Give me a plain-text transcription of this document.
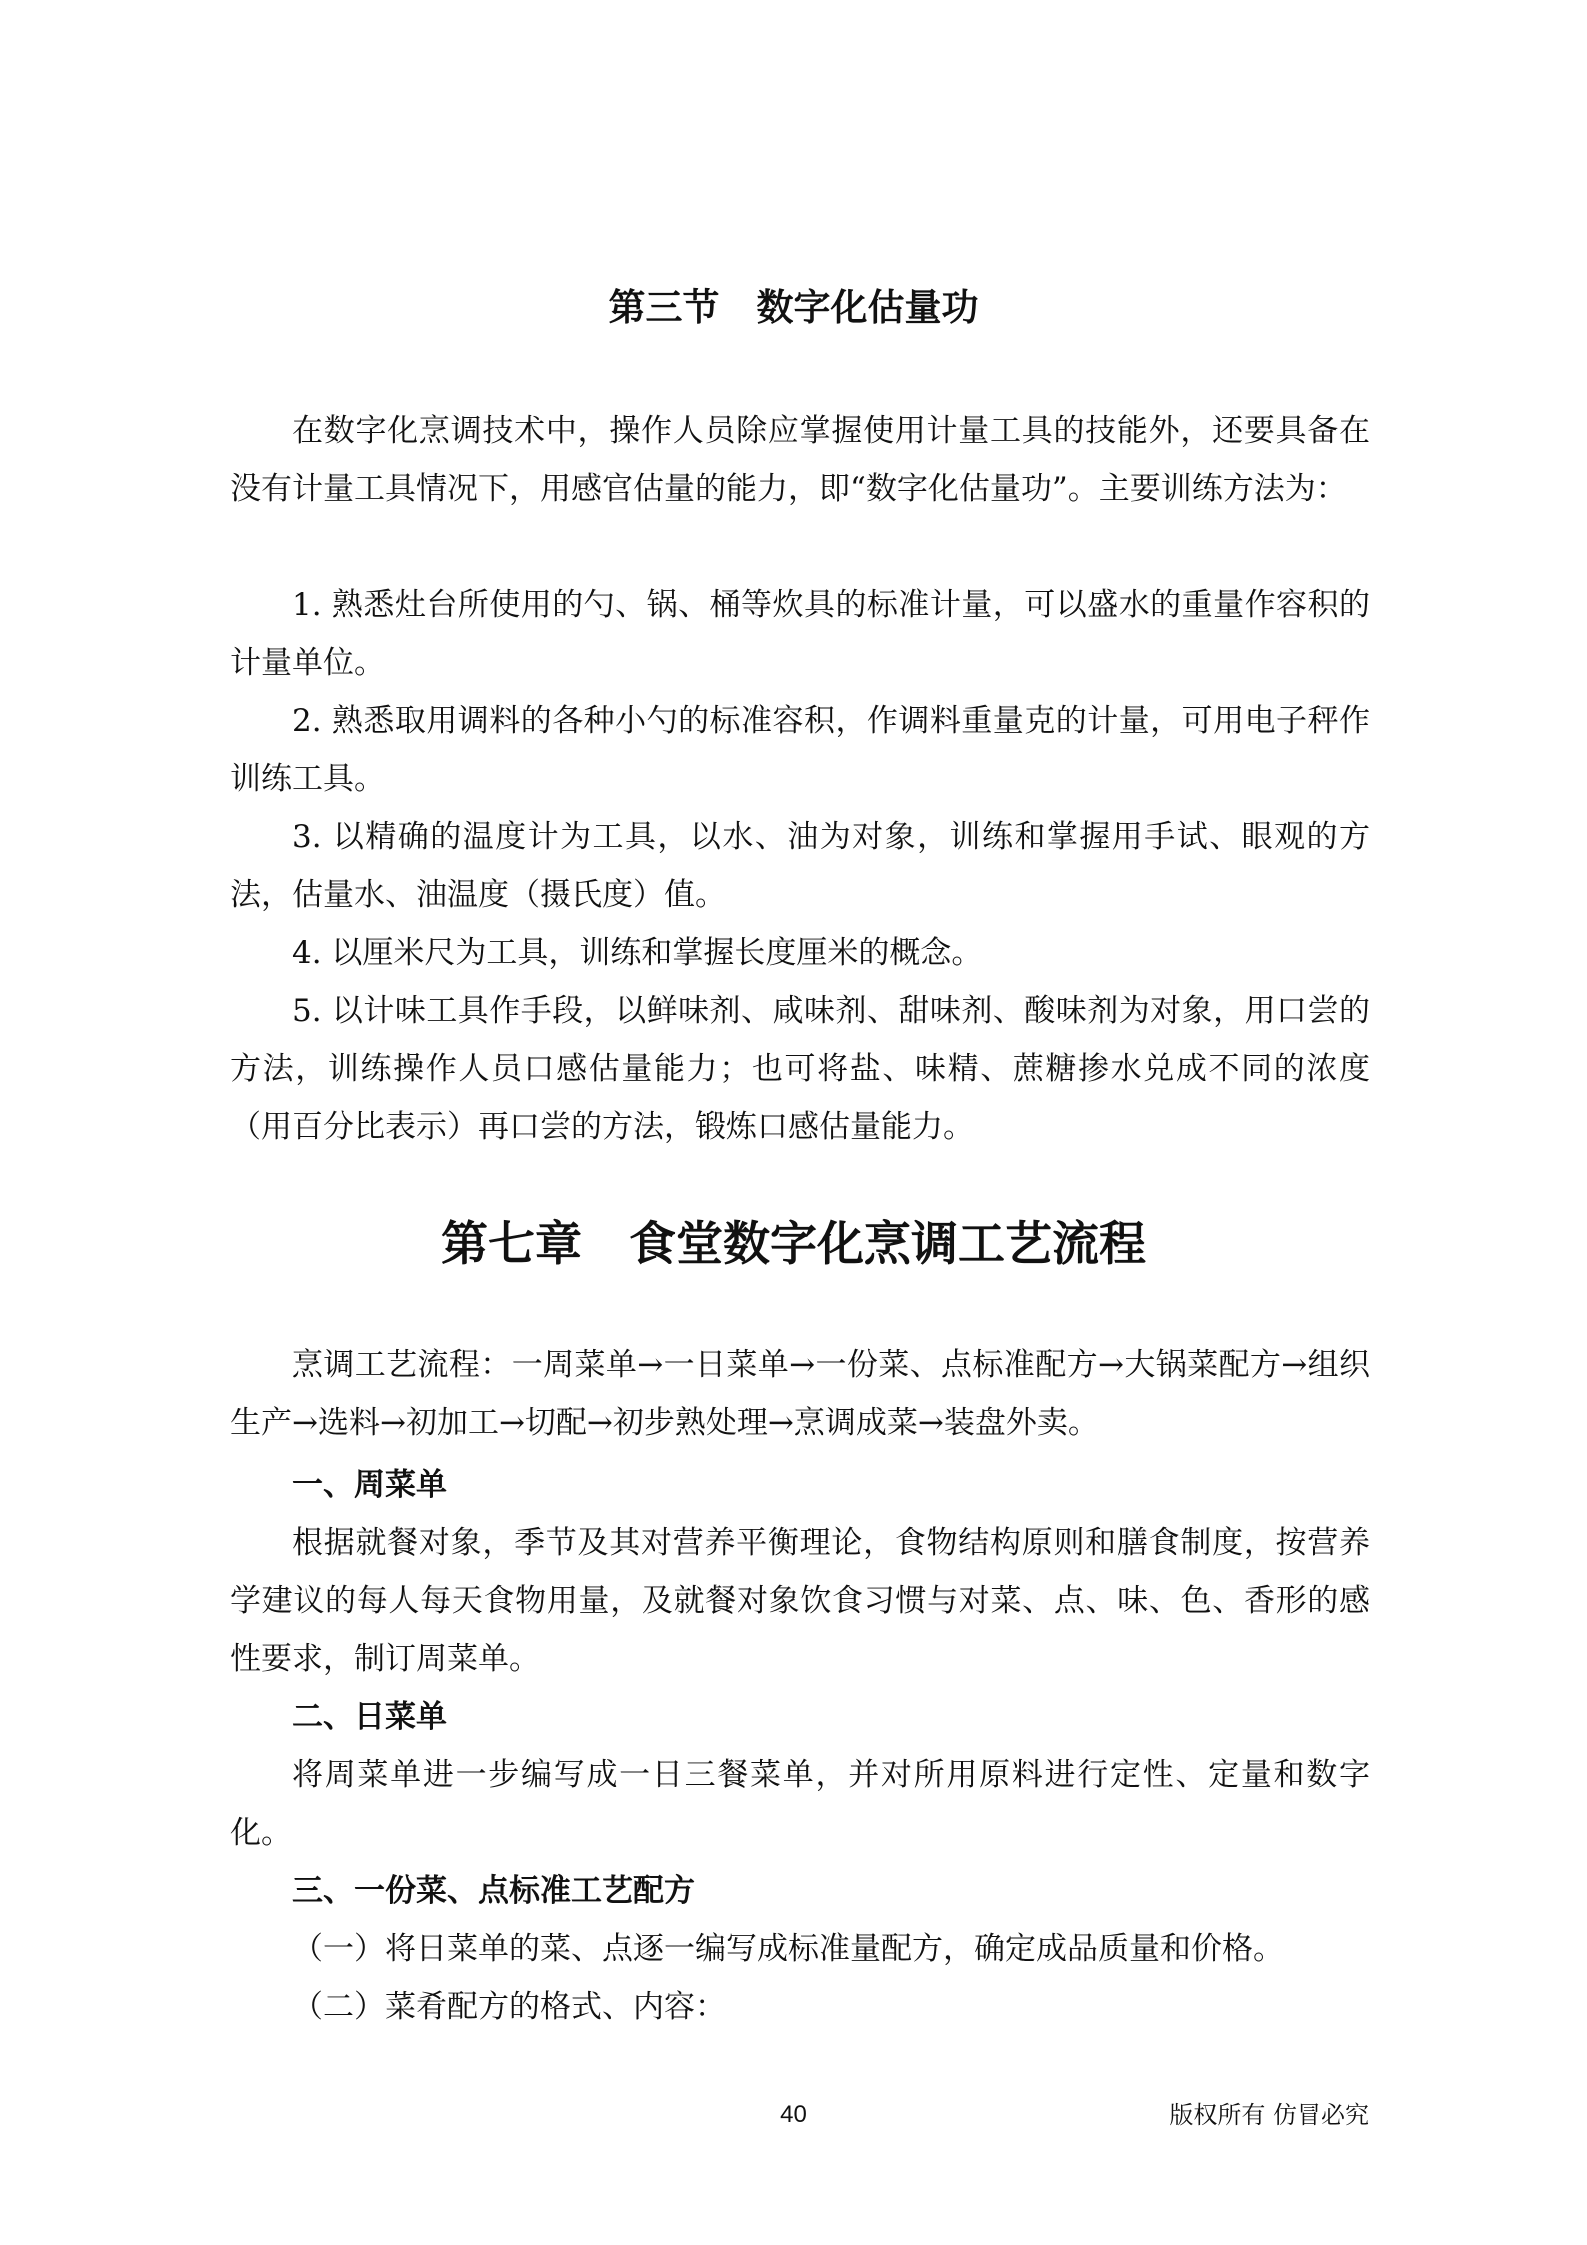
第三节　数字化估量功

在数字化烹调技术中，操作人员除应掌握使用计量工具的技能外，还要具备在没有计量工具情况下，用感官估量的能力，即“数字化估量功”。主要训练方法为：

1. 熟悉灶台所使用的勺、锅、桶等炊具的标准计量，可以盛水的重量作容积的计量单位。

2. 熟悉取用调料的各种小勺的标准容积，作调料重量克的计量，可用电子秤作训练工具。

3. 以精确的温度计为工具，以水、油为对象，训练和掌握用手试、眼观的方法，估量水、油温度（摄氏度）值。

4. 以厘米尺为工具，训练和掌握长度厘米的概念。

5. 以计味工具作手段，以鲜味剂、咸味剂、甜味剂、酸味剂为对象，用口尝的方法，训练操作人员口感估量能力；也可将盐、味精、蔗糖掺水兑成不同的浓度（用百分比表示）再口尝的方法，锻炼口感估量能力。

第七章　食堂数字化烹调工艺流程

烹调工艺流程：一周菜单→一日菜单→一份菜、点标准配方→大锅菜配方→组织生产→选料→初加工→切配→初步熟处理→烹调成菜→装盘外卖。

一、周菜单

根据就餐对象，季节及其对营养平衡理论，食物结构原则和膳食制度，按营养学建议的每人每天食物用量，及就餐对象饮食习惯与对菜、点、味、色、香形的感性要求，制订周菜单。

二、日菜单

将周菜单进一步编写成一日三餐菜单，并对所用原料进行定性、定量和数字化。

三、一份菜、点标准工艺配方

（一）将日菜单的菜、点逐一编写成标准量配方，确定成品质量和价格。

（二）菜肴配方的格式、内容：

40	版权所有 仿冒必究
